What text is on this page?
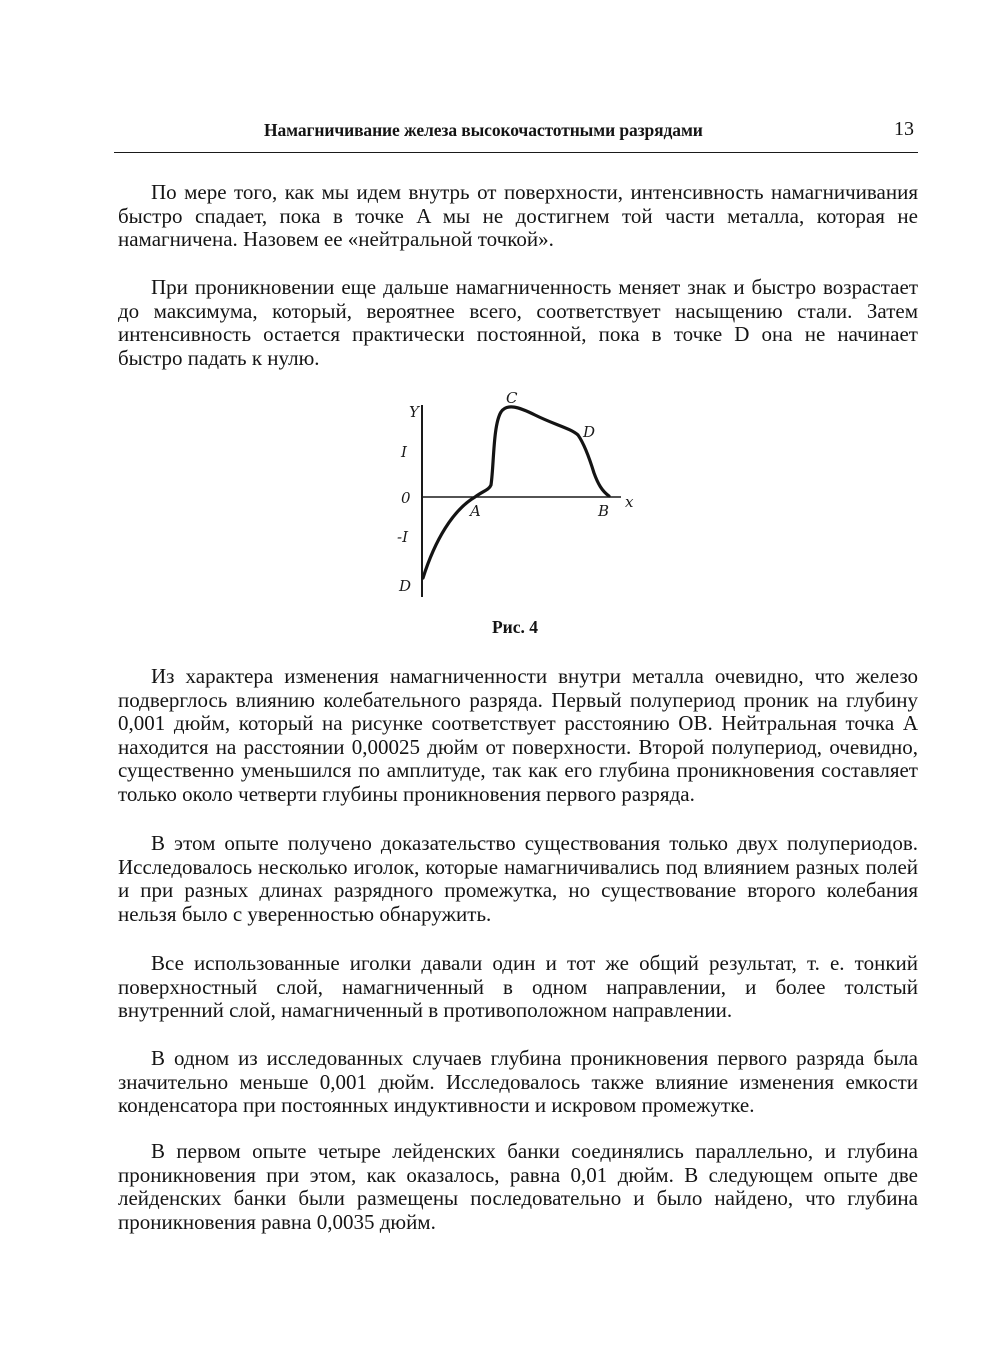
Намагничивание железа высокочастотными разрядами	13

По мере того, как мы идем внутрь от поверхности, интенсивность намагничивания быстро спадает, пока в точке A мы не достигнем той части металла, которая не намагничена. Назовем ее «нейтральной точкой».

При проникновении еще дальше намагниченность меняет знак и быстро возрастает до максимума, который, вероятнее всего, соответствует насыщению стали. Затем интенсивность остается практически постоянной, пока в точке D она не начинает быстро падать к нулю.

Y
I
0
-I
D
x
A	B
C
D
Рис. 4

Из характера изменения намагниченности внутри металла очевидно, что железо подверглось влиянию колебательного разряда. Первый полупериод проник на глубину 0,001 дюйм, который на рисунке соответствует расстоянию OB. Нейтральная точка A находится на расстоянии 0,00025 дюйм от поверхности. Второй полупериод, очевидно, существенно уменьшился по амплитуде, так как его глубина проникновения составляет только около четверти глубины проникновения первого разряда.

В этом опыте получено доказательство существования только двух полупериодов. Исследовалось несколько иголок, которые намагничивались под влиянием разных полей и при разных длинах разрядного промежутка, но существование второго колебания нельзя было с уверенностью обнаружить.

Все использованные иголки давали один и тот же общий результат, т. е. тонкий поверхностный слой, намагниченный в одном направлении, и более толстый внутренний слой, намагниченный в противоположном направлении.

В одном из исследованных случаев глубина проникновения первого разряда была значительно меньше 0,001 дюйм. Исследовалось также влияние изменения емкости конденсатора при постоянных индуктивности и искровом промежутке.

В первом опыте четыре лейденских банки соединялись параллельно, и глубина проникновения при этом, как оказалось, равна 0,01 дюйм. В следующем опыте две лейденских банки были размещены последовательно и было найдено, что глубина проникновения равна 0,0035 дюйм.
